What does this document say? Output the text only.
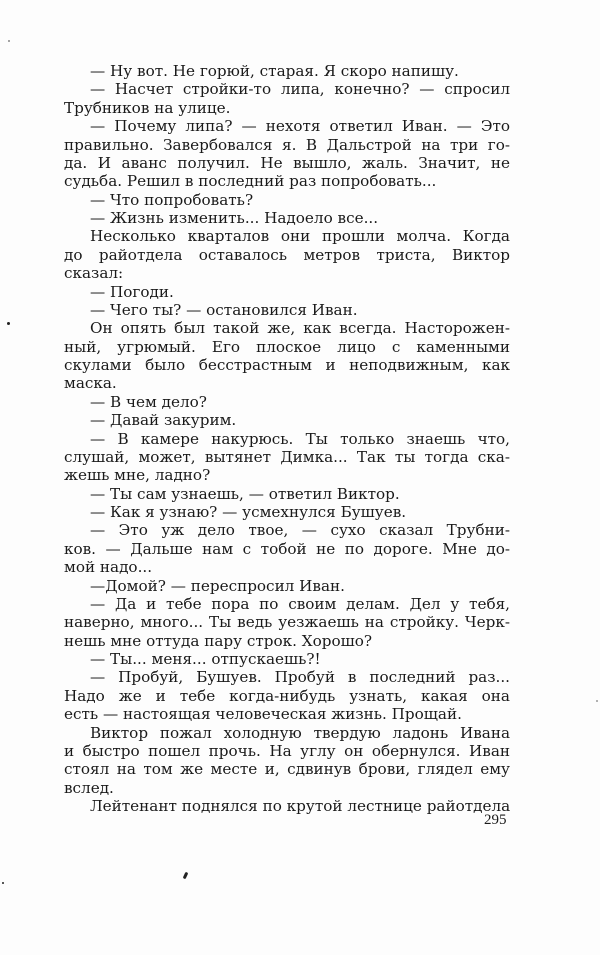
— Ну вот. Не горюй, старая. Я скоро напишу.
— Насчет стройки-то липа, конечно? — спросил
Трубников на улице.
— Почему липа? — нехотя ответил Иван. — Это
правильно. Завербовался я. В Дальстрой на три го-
да. И аванс получил. Не вышло, жаль. Значит, не
судьба. Решил в последний раз попробовать...
— Что попробовать?
— Жизнь изменить... Надоело все...
Несколько кварталов они прошли молча. Когда
до райотдела оставалось метров триста, Виктор
сказал:
— Погоди.
— Чего ты? — остановился Иван.
Он опять был такой же, как всегда. Насторожен-
ный, угрюмый. Его плоское лицо с каменными
скулами было бесстрастным и неподвижным, как
маска.
— В чем дело?
— Давай закурим.
— В камере накурюсь. Ты только знаешь что,
слушай, может, вытянет Димка... Так ты тогда ска-
жешь мне, ладно?
— Ты сам узнаешь, — ответил Виктор.
— Как я узнаю? — усмехнулся Бушуев.
— Это уж дело твое, — сухо сказал Трубни-
ков. — Дальше нам с тобой не по дороге. Мне до-
мой надо...
—Домой? — переспросил Иван.
— Да и тебе пора по своим делам. Дел у тебя,
наверно, много... Ты ведь уезжаешь на стройку. Черк-
нешь мне оттуда пару строк. Хорошо?
— Ты... меня... отпускаешь?!
— Пробуй, Бушуев. Пробуй в последний раз...
Надо же и тебе когда-нибудь узнать, какая она
есть — настоящая человеческая жизнь. Прощай.
Виктор пожал холодную твердую ладонь Ивана
и быстро пошел прочь. На углу он обернулся. Иван
стоял на том же месте и, сдвинув брови, глядел ему
вслед.
Лейтенант поднялся по крутой лестнице райотдела
295
